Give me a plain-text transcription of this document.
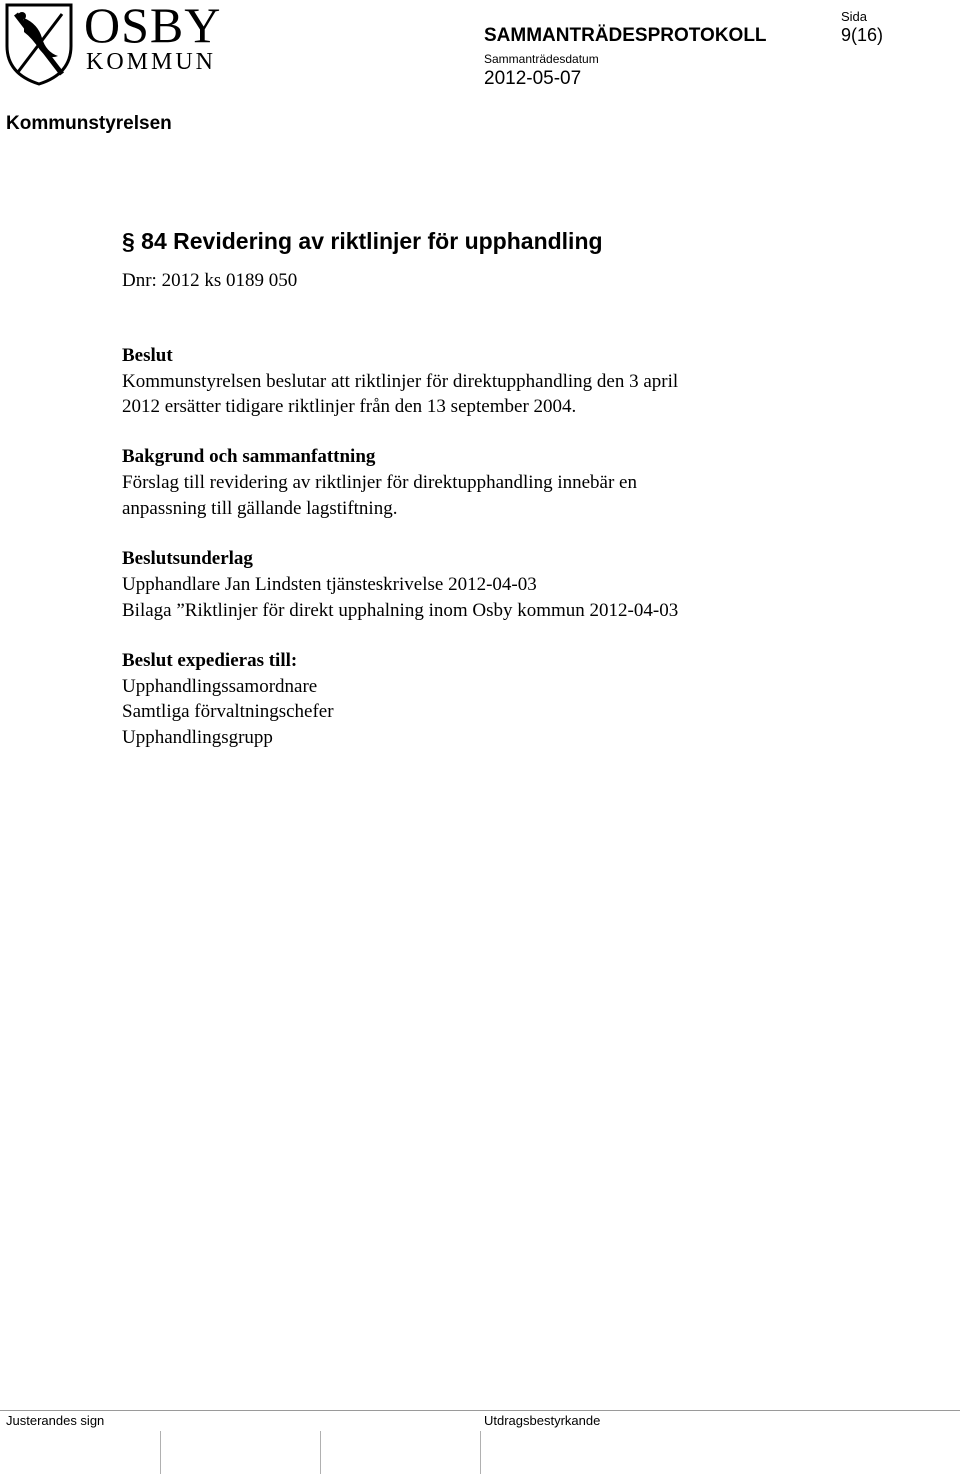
OSBY
KOMMUN
SAMMANTRÄDESPROTOKOLL
Sammanträdesdatum
2012-05-07
Sida
9(16)
Kommunstyrelsen
§ 84 Revidering av riktlinjer för upphandling
Dnr: 2012 ks 0189 050
Beslut
Kommunstyrelsen beslutar att riktlinjer för direktupphandling den 3 april
2012 ersätter tidigare riktlinjer från den 13 september 2004.
Bakgrund och sammanfattning
Förslag till revidering av riktlinjer för direktupphandling innebär en
anpassning till gällande lagstiftning.
Beslutsunderlag
Upphandlare Jan Lindsten tjänsteskrivelse 2012-04-03
Bilaga ”Riktlinjer för direkt upphalning inom Osby kommun 2012-04-03
Beslut expedieras till:
Upphandlingssamordnare
Samtliga förvaltningschefer
Upphandlingsgrupp
Justerandes sign	Utdragsbestyrkande
